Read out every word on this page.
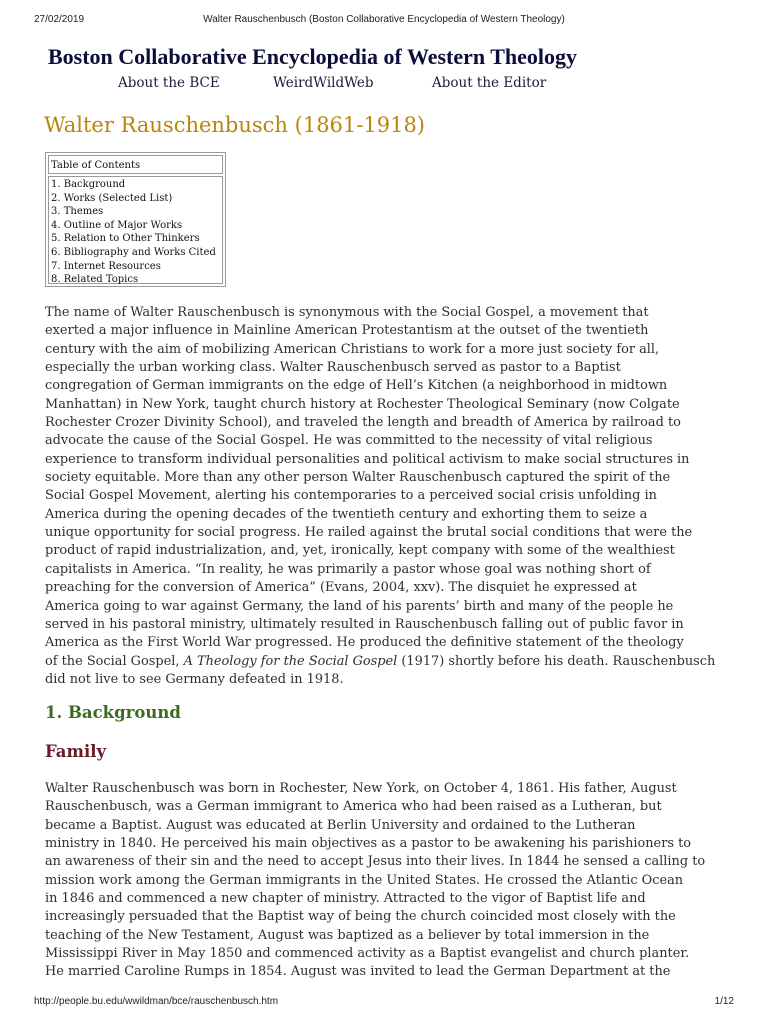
27/02/2019	Walter Rauschenbusch (Boston Collaborative Encyclopedia of Western Theology)
Boston Collaborative Encyclopedia of Western Theology
About the BCE	WeirdWildWeb	About the Editor
Walter Rauschenbusch (1861-1918)
Table of Contents
1. Background
2. Works (Selected List)
3. Themes
4. Outline of Major Works
5. Relation to Other Thinkers
6. Bibliography and Works Cited
7. Internet Resources
8. Related Topics

The name of Walter Rauschenbusch is synonymous with the Social Gospel, a movement that
exerted a major influence in Mainline American Protestantism at the outset of the twentieth
century with the aim of mobilizing American Christians to work for a more just society for all,
especially the urban working class. Walter Rauschenbusch served as pastor to a Baptist
congregation of German immigrants on the edge of Hell’s Kitchen (a neighborhood in midtown
Manhattan) in New York, taught church history at Rochester Theological Seminary (now Colgate
Rochester Crozer Divinity School), and traveled the length and breadth of America by railroad to
advocate the cause of the Social Gospel. He was committed to the necessity of vital religious
experience to transform individual personalities and political activism to make social structures in
society equitable. More than any other person Walter Rauschenbusch captured the spirit of the
Social Gospel Movement, alerting his contemporaries to a perceived social crisis unfolding in
America during the opening decades of the twentieth century and exhorting them to seize a
unique opportunity for social progress. He railed against the brutal social conditions that were the
product of rapid industrialization, and, yet, ironically, kept company with some of the wealthiest
capitalists in America. “In reality, he was primarily a pastor whose goal was nothing short of
preaching for the conversion of America” (Evans, 2004, xxv). The disquiet he expressed at
America going to war against Germany, the land of his parents’ birth and many of the people he
served in his pastoral ministry, ultimately resulted in Rauschenbusch falling out of public favor in
America as the First World War progressed. He produced the definitive statement of the theology
of the Social Gospel, A Theology for the Social Gospel (1917) shortly before his death. Rauschenbusch
did not live to see Germany defeated in 1918.

1. Background
Family

Walter Rauschenbusch was born in Rochester, New York, on October 4, 1861. His father, August
Rauschenbusch, was a German immigrant to America who had been raised as a Lutheran, but
became a Baptist. August was educated at Berlin University and ordained to the Lutheran
ministry in 1840. He perceived his main objectives as a pastor to be awakening his parishioners to
an awareness of their sin and the need to accept Jesus into their lives. In 1844 he sensed a calling to
mission work among the German immigrants in the United States. He crossed the Atlantic Ocean
in 1846 and commenced a new chapter of ministry. Attracted to the vigor of Baptist life and
increasingly persuaded that the Baptist way of being the church coincided most closely with the
teaching of the New Testament, August was baptized as a believer by total immersion in the
Mississippi River in May 1850 and commenced activity as a Baptist evangelist and church planter.
He married Caroline Rumps in 1854. August was invited to lead the German Department at the

http://people.bu.edu/wwildman/bce/rauschenbusch.htm	1/12
